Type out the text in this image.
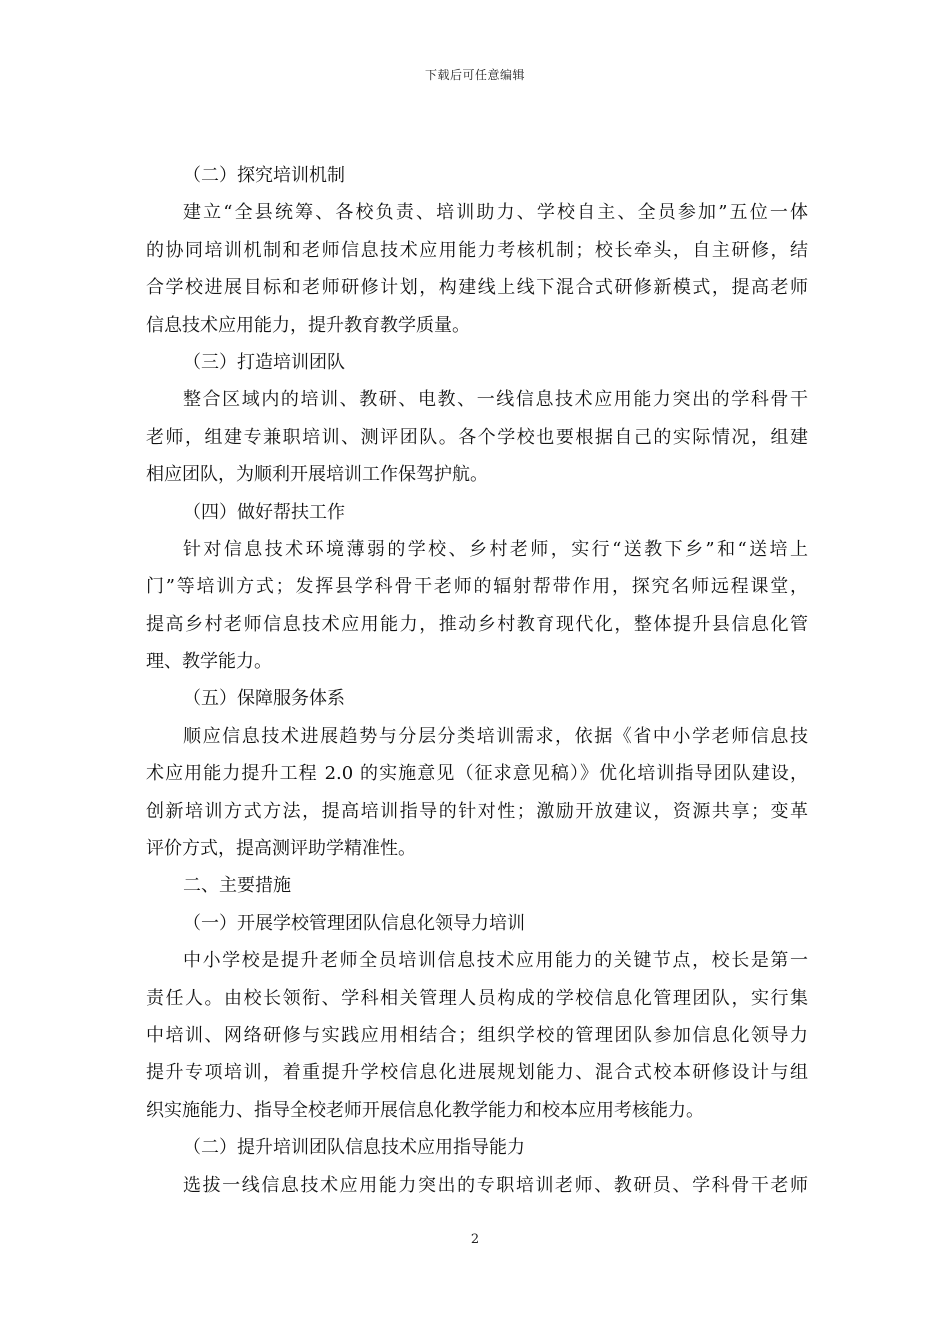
下载后可任意编辑
（二）探究培训机制
建立“全县统筹、各校负责、培训助力、学校自主、全员参加”五位一体
的协同培训机制和老师信息技术应用能力考核机制；校长牵头，自主研修，结
合学校进展目标和老师研修计划，构建线上线下混合式研修新模式，提高老师
信息技术应用能力，提升教育教学质量。
（三）打造培训团队
整合区域内的培训、教研、电教、一线信息技术应用能力突出的学科骨干
老师，组建专兼职培训、测评团队。各个学校也要根据自己的实际情况，组建
相应团队，为顺利开展培训工作保驾护航。
（四）做好帮扶工作
针对信息技术环境薄弱的学校、乡村老师，实行“送教下乡”和“送培上
门”等培训方式；发挥县学科骨干老师的辐射帮带作用，探究名师远程课堂，
提高乡村老师信息技术应用能力，推动乡村教育现代化，整体提升县信息化管
理、教学能力。
（五）保障服务体系
顺应信息技术进展趋势与分层分类培训需求，依据《省中小学老师信息技
术应用能力提升工程 2.0 的实施意见（征求意见稿）》优化培训指导团队建设，
创新培训方式方法，提高培训指导的针对性；激励开放建议，资源共享；变革
评价方式，提高测评助学精准性。
二、主要措施
（一）开展学校管理团队信息化领导力培训
中小学校是提升老师全员培训信息技术应用能力的关键节点，校长是第一
责任人。由校长领衔、学科相关管理人员构成的学校信息化管理团队，实行集
中培训、网络研修与实践应用相结合；组织学校的管理团队参加信息化领导力
提升专项培训，着重提升学校信息化进展规划能力、混合式校本研修设计与组
织实施能力、指导全校老师开展信息化教学能力和校本应用考核能力。
（二）提升培训团队信息技术应用指导能力
选拔一线信息技术应用能力突出的专职培训老师、教研员、学科骨干老师
2
